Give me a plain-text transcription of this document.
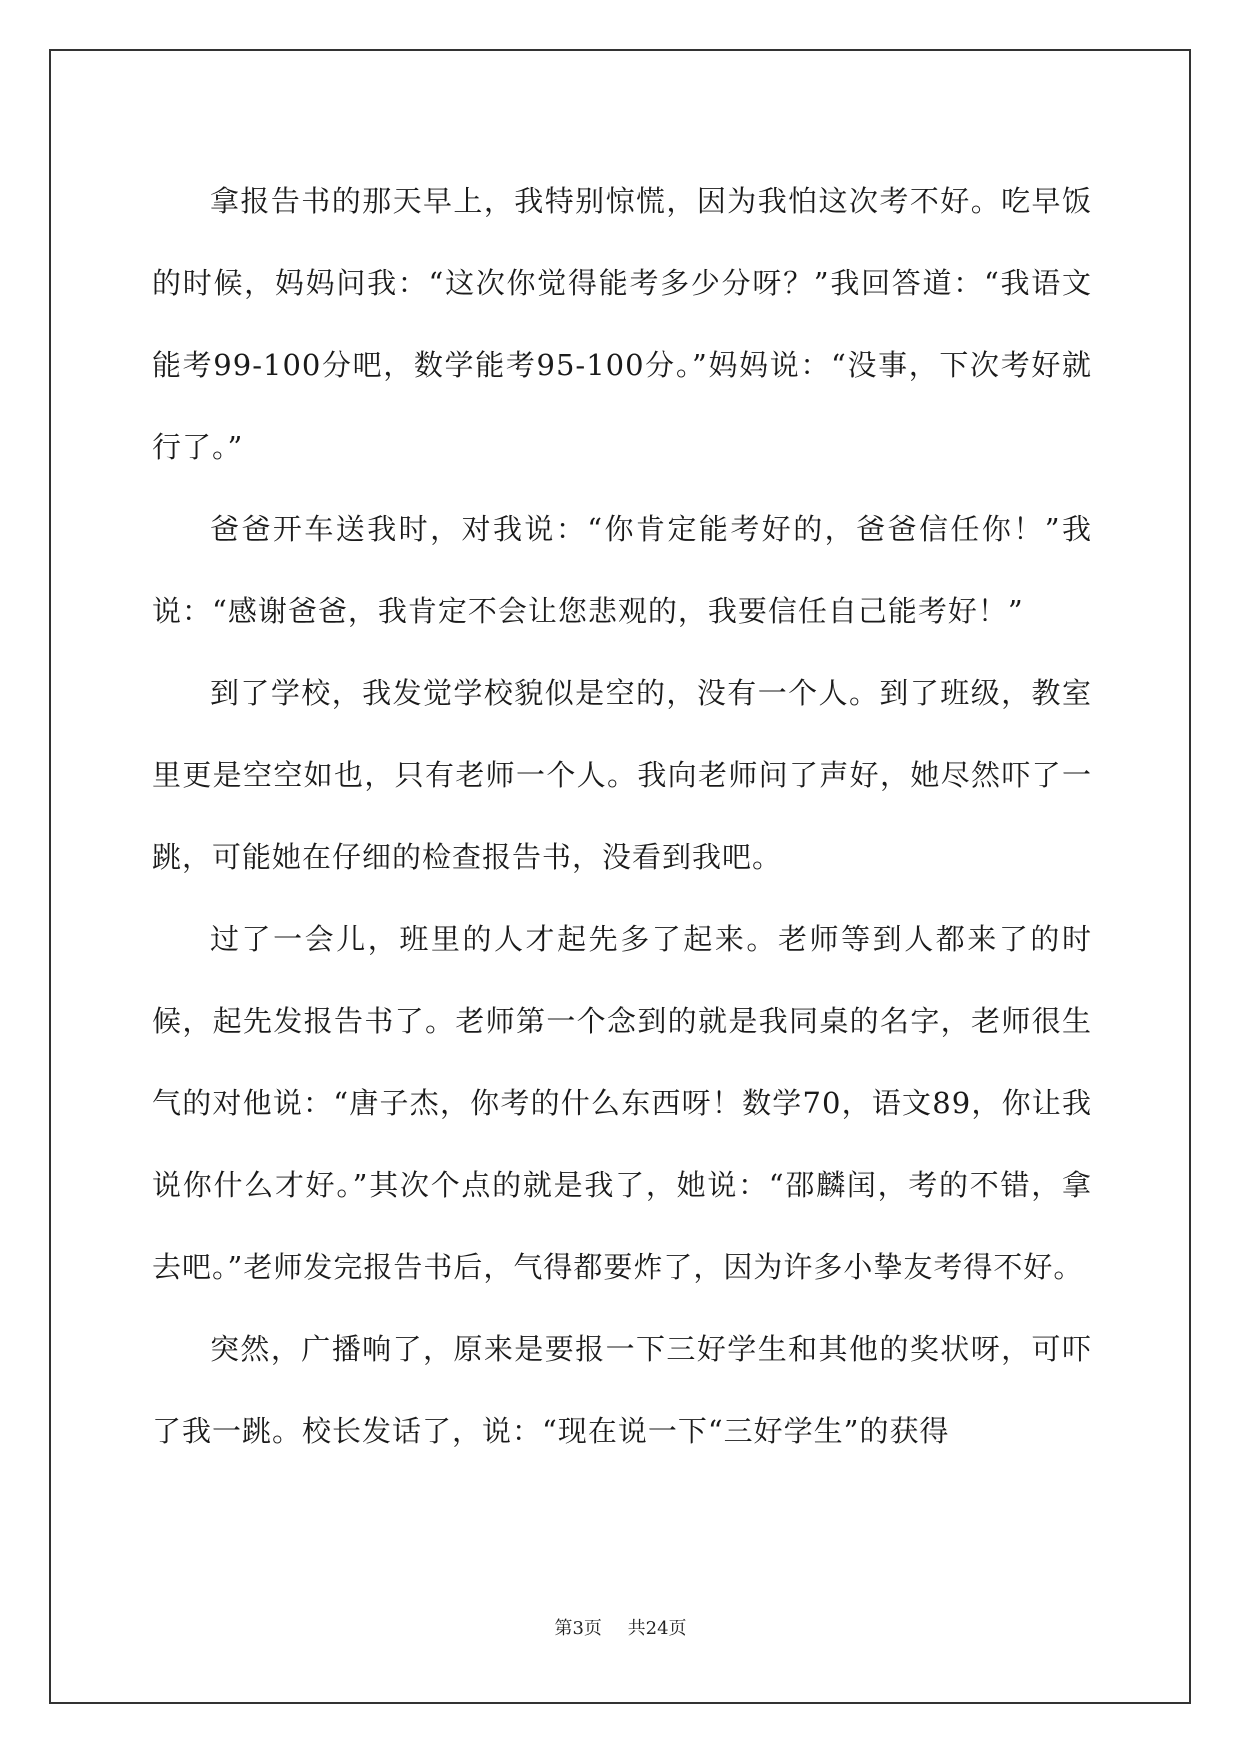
拿报告书的那天早上，我特别惊慌，因为我怕这次考不好。吃早饭的时候，妈妈问我：“这次你觉得能考多少分呀？”我回答道：“我语文能考99-100分吧，数学能考95-100分。”妈妈说：“没事，下次考好就行了。”

爸爸开车送我时，对我说：“你肯定能考好的，爸爸信任你！”我说：“感谢爸爸，我肯定不会让您悲观的，我要信任自己能考好！”

到了学校，我发觉学校貌似是空的，没有一个人。到了班级，教室里更是空空如也，只有老师一个人。我向老师问了声好，她尽然吓了一跳，可能她在仔细的检查报告书，没看到我吧。

过了一会儿，班里的人才起先多了起来。老师等到人都来了的时候，起先发报告书了。老师第一个念到的就是我同桌的名字，老师很生气的对他说：“唐子杰，你考的什么东西呀！数学70，语文89，你让我说你什么才好。”其次个点的就是我了，她说：“邵麟闰，考的不错，拿去吧。”老师发完报告书后，气得都要炸了，因为许多小挚友考得不好。

突然，广播响了，原来是要报一下三好学生和其他的奖状呀，可吓了我一跳。校长发话了，说：“现在说一下“三好学生”的获得

第3页 共24页
